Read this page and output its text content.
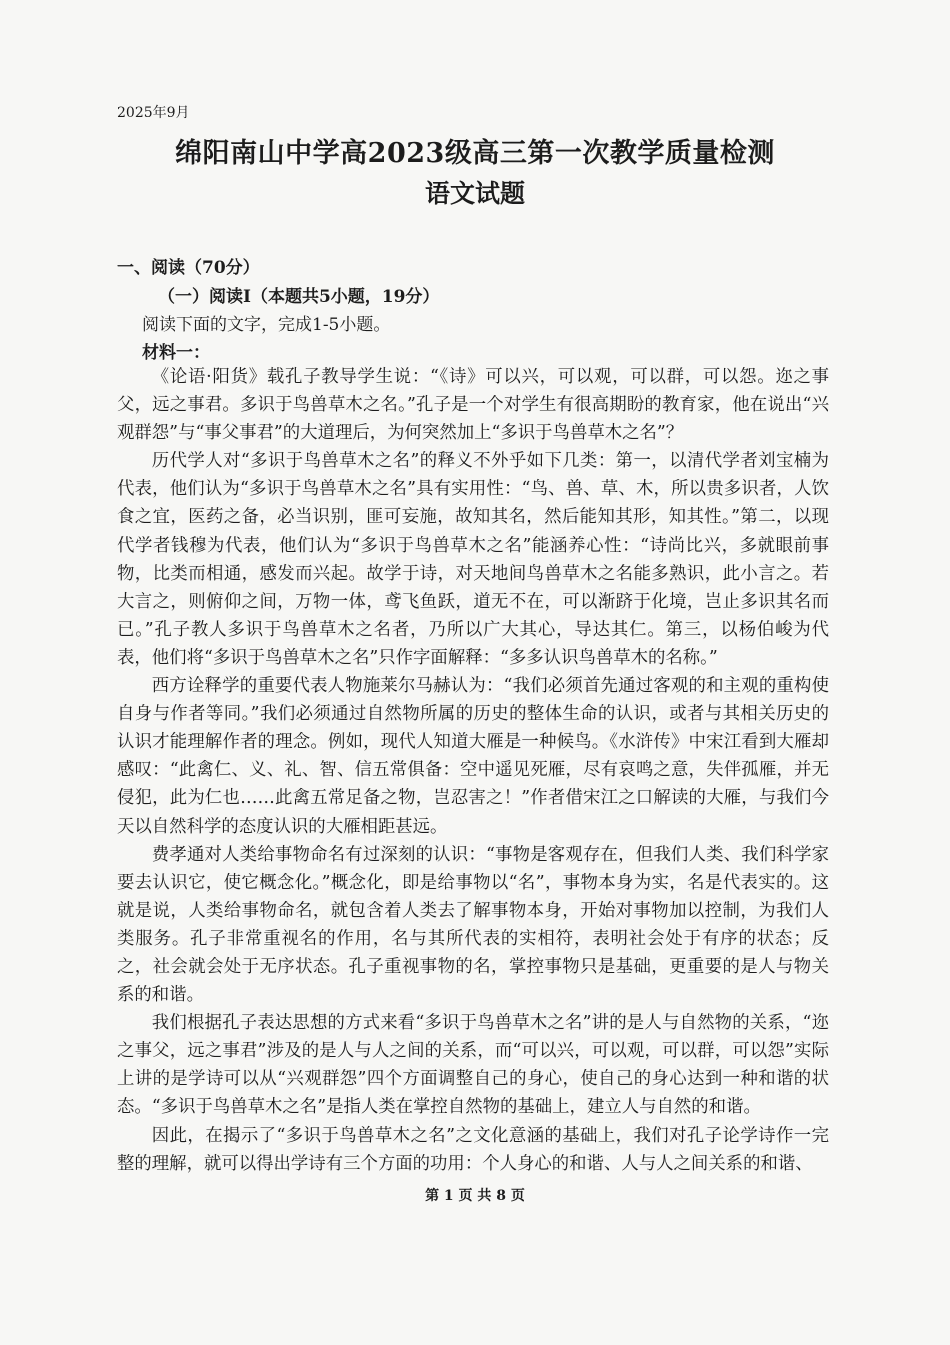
2025年9月
绵阳南山中学高2023级高三第一次教学质量检测
语文试题
一、阅读（70分）
（一）阅读Ⅰ（本题共5小题，19分）
阅读下面的文字，完成1-5小题。
材料一：

《论语·阳货》载孔子教导学生说：“《诗》可以兴，可以观，可以群，可以怨。迩之事父，远之事君。多识于鸟兽草木之名。”孔子是一个对学生有很高期盼的教育家，他在说出“兴观群怨”与“事父事君”的大道理后，为何突然加上“多识于鸟兽草木之名”？

历代学人对“多识于鸟兽草木之名”的释义不外乎如下几类：第一，以清代学者刘宝楠为代表，他们认为“多识于鸟兽草木之名”具有实用性：“鸟、兽、草、木，所以贵多识者，人饮食之宜，医药之备，必当识别，匪可妄施，故知其名，然后能知其形，知其性。”第二，以现代学者钱穆为代表，他们认为“多识于鸟兽草木之名”能涵养心性：“诗尚比兴，多就眼前事物，比类而相通，感发而兴起。故学于诗，对天地间鸟兽草木之名能多熟识，此小言之。若大言之，则俯仰之间，万物一体，鸢飞鱼跃，道无不在，可以渐跻于化境，岂止多识其名而已。”孔子教人多识于鸟兽草木之名者，乃所以广大其心，导达其仁。第三，以杨伯峻为代表，他们将“多识于鸟兽草木之名”只作字面解释：“多多认识鸟兽草木的名称。”

西方诠释学的重要代表人物施莱尔马赫认为：“我们必须首先通过客观的和主观的重构使自身与作者等同。”我们必须通过自然物所属的历史的整体生命的认识，或者与其相关历史的认识才能理解作者的理念。例如，现代人知道大雁是一种候鸟。《水浒传》中宋江看到大雁却感叹：“此禽仁、义、礼、智、信五常俱备：空中遥见死雁，尽有哀鸣之意，失伴孤雁，并无侵犯，此为仁也……此禽五常足备之物，岂忍害之！”作者借宋江之口解读的大雁，与我们今天以自然科学的态度认识的大雁相距甚远。

费孝通对人类给事物命名有过深刻的认识：“事物是客观存在，但我们人类、我们科学家要去认识它，使它概念化。”概念化，即是给事物以“名”，事物本身为实，名是代表实的。这就是说，人类给事物命名，就包含着人类去了解事物本身，开始对事物加以控制，为我们人类服务。孔子非常重视名的作用，名与其所代表的实相符，表明社会处于有序的状态；反之，社会就会处于无序状态。孔子重视事物的名，掌控事物只是基础，更重要的是人与物关系的和谐。

我们根据孔子表达思想的方式来看“多识于鸟兽草木之名”讲的是人与自然物的关系，“迩之事父，远之事君”涉及的是人与人之间的关系，而“可以兴，可以观，可以群，可以怨”实际上讲的是学诗可以从“兴观群怨”四个方面调整自己的身心，使自己的身心达到一种和谐的状态。“多识于鸟兽草木之名”是指人类在掌控自然物的基础上，建立人与自然的和谐。

因此，在揭示了“多识于鸟兽草木之名”之文化意涵的基础上，我们对孔子论学诗作一完整的理解，就可以得出学诗有三个方面的功用：个人身心的和谐、人与人之间关系的和谐、

第 1 页 共 8 页
